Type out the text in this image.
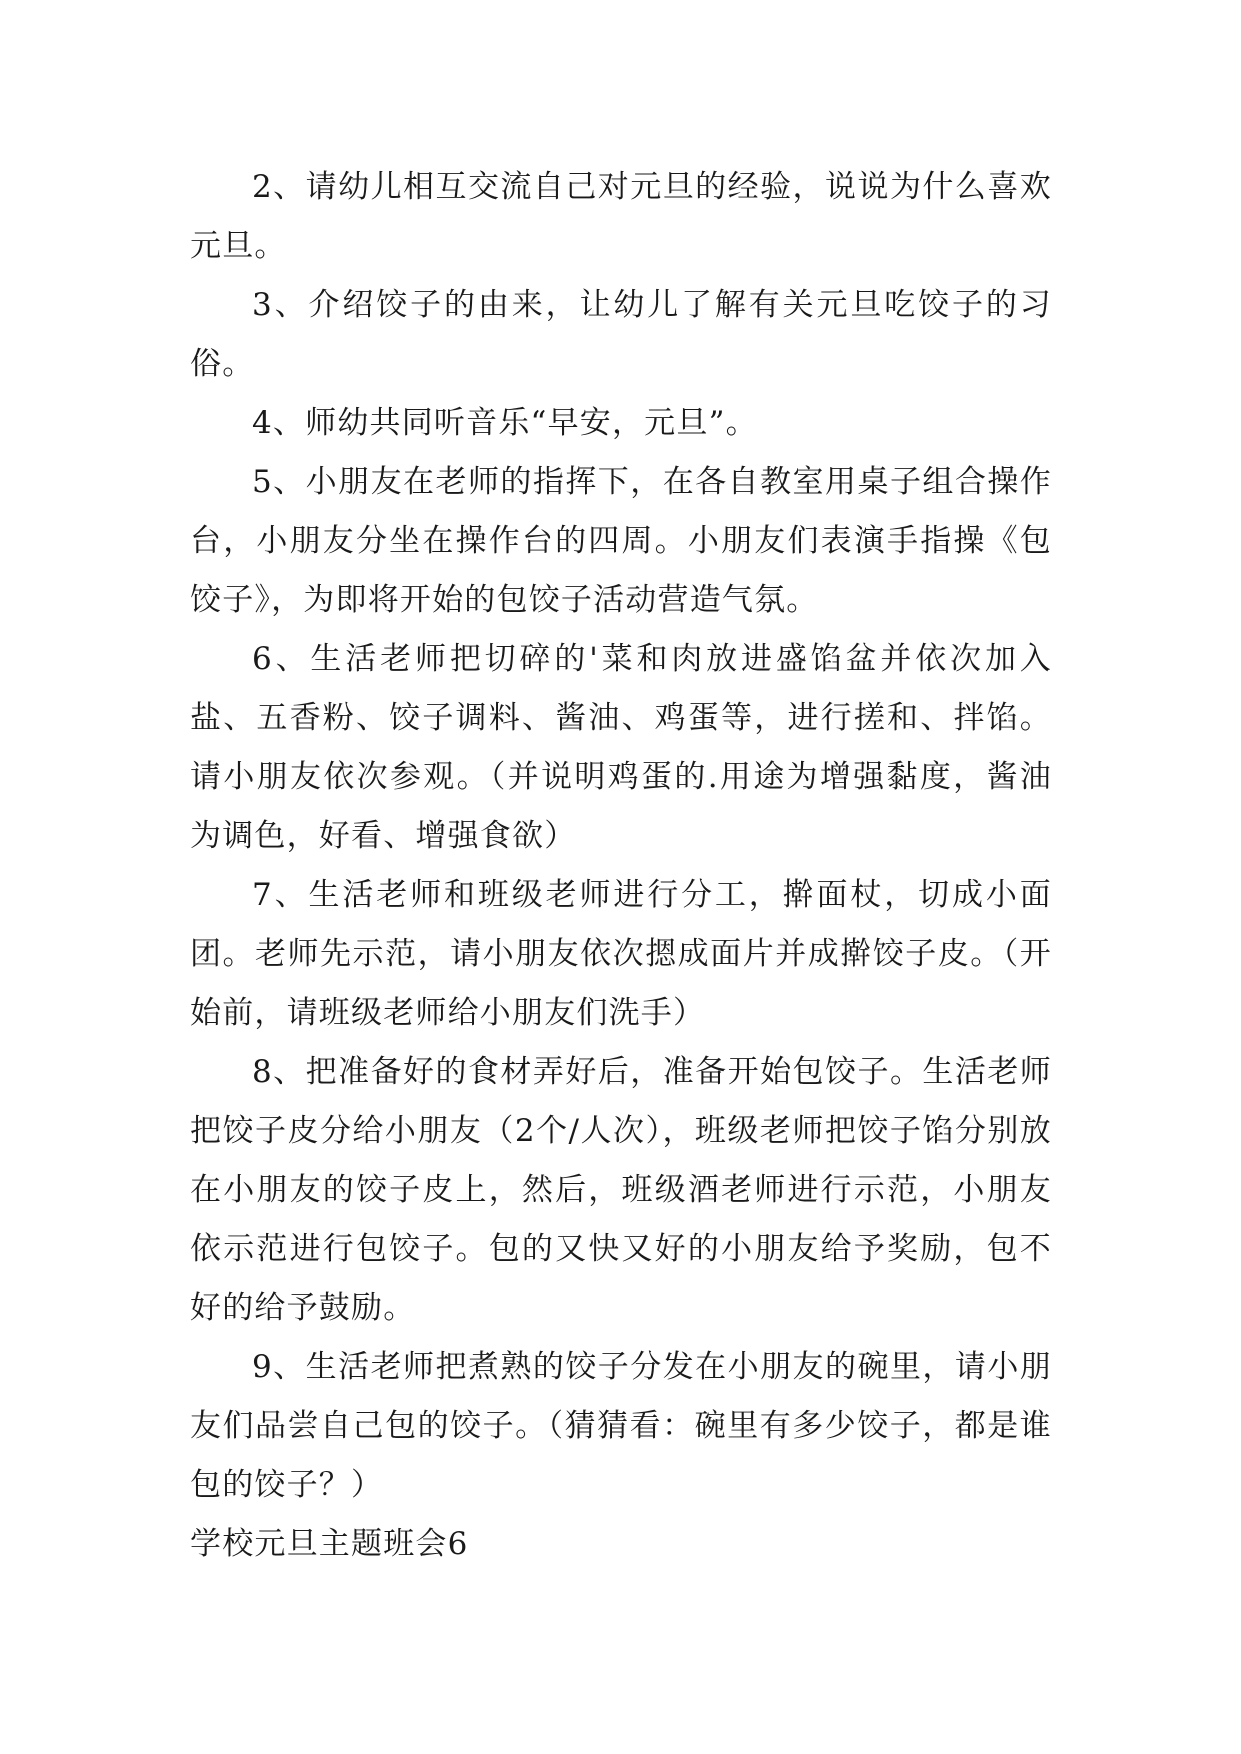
2、请幼儿相互交流自己对元旦的经验，说说为什么喜欢元旦。

3、介绍饺子的由来，让幼儿了解有关元旦吃饺子的习俗。

4、师幼共同听音乐“早安，元旦”。

5、小朋友在老师的指挥下，在各自教室用桌子组合操作台，小朋友分坐在操作台的四周。小朋友们表演手指操《包饺子》，为即将开始的包饺子活动营造气氛。

6、生活老师把切碎的'菜和肉放进盛馅盆并依次加入盐、五香粉、饺子调料、酱油、鸡蛋等，进行搓和、拌馅。请小朋友依次参观。（并说明鸡蛋的.用途为增强黏度，酱油为调色，好看、增强食欲）

7、生活老师和班级老师进行分工，擀面杖，切成小面团。老师先示范，请小朋友依次摁成面片并成擀饺子皮。（开始前，请班级老师给小朋友们洗手）

8、把准备好的食材弄好后，准备开始包饺子。生活老师把饺子皮分给小朋友（2个/人次），班级老师把饺子馅分别放在小朋友的饺子皮上，然后，班级酒老师进行示范，小朋友依示范进行包饺子。包的又快又好的小朋友给予奖励，包不好的给予鼓励。

9、生活老师把煮熟的饺子分发在小朋友的碗里，请小朋友们品尝自己包的饺子。（猜猜看：碗里有多少饺子，都是谁包的饺子？）

学校元旦主题班会6
